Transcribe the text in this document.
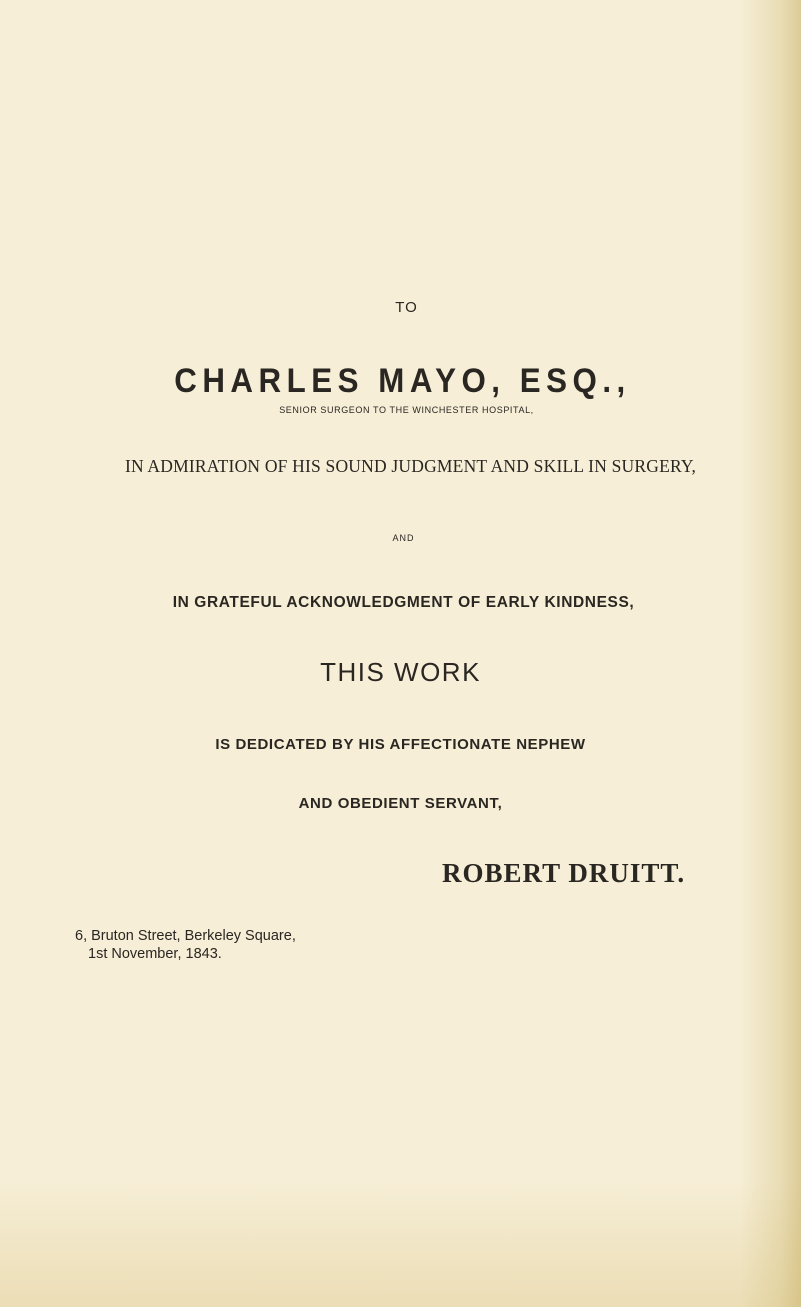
TO
CHARLES MAYO, ESQ.,
SENIOR SURGEON TO THE WINCHESTER HOSPITAL,
IN ADMIRATION OF HIS SOUND JUDGMENT AND SKILL IN SURGERY,
AND
IN GRATEFUL ACKNOWLEDGMENT OF EARLY KINDNESS,
THIS WORK
IS DEDICATED BY HIS AFFECTIONATE NEPHEW
AND OBEDIENT SERVANT,
ROBERT DRUITT.
6, Bruton Street, Berkeley Square,
1st November, 1843.
